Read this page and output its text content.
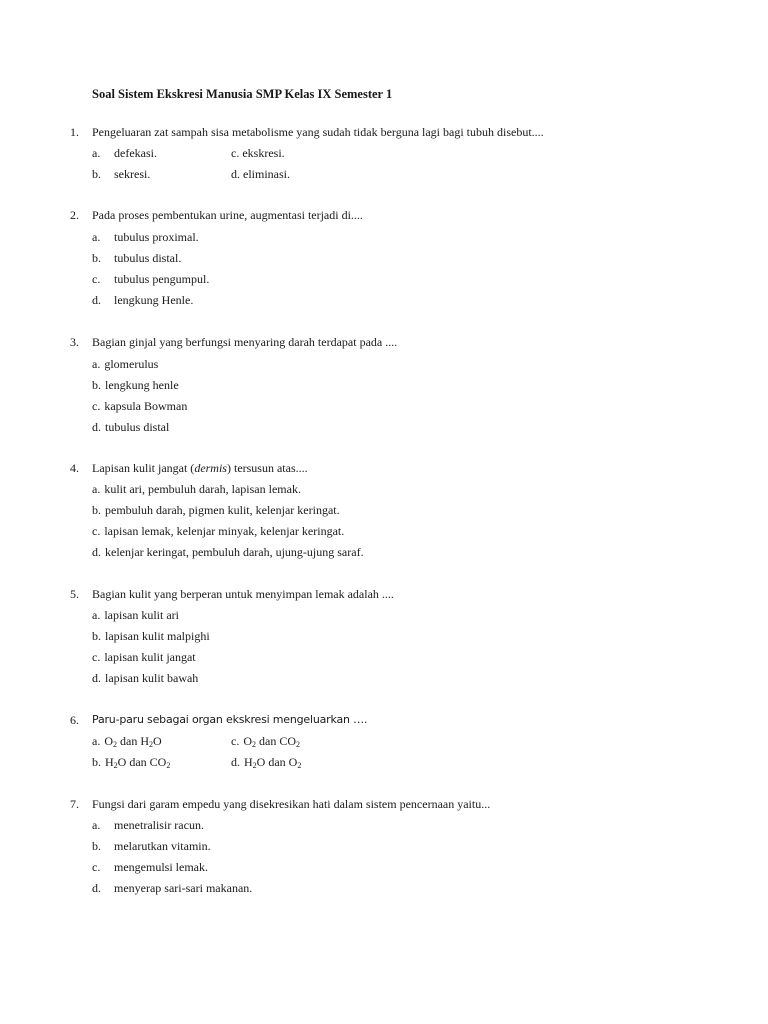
Soal Sistem Ekskresi Manusia SMP Kelas IX Semester 1
1. Pengeluaran zat sampah sisa metabolisme yang sudah tidak berguna lagi bagi tubuh disebut....
a. defekasi.	c. ekskresi.
b. sekresi.	d. eliminasi.
2. Pada proses pembentukan urine, augmentasi terjadi di....
a. tubulus proximal.
b. tubulus distal.
c. tubulus pengumpul.
d. lengkung Henle.
3. Bagian ginjal yang berfungsi menyaring darah terdapat pada ....
a. glomerulus
b. lengkung henle
c. kapsula Bowman
d. tubulus distal
4. Lapisan kulit jangat (dermis) tersusun atas....
a. kulit ari, pembuluh darah, lapisan lemak.
b. pembuluh darah, pigmen kulit, kelenjar keringat.
c. lapisan lemak, kelenjar minyak, kelenjar keringat.
d. kelenjar keringat, pembuluh darah, ujung-ujung saraf.
5. Bagian kulit yang berperan untuk menyimpan lemak adalah ....
a. lapisan kulit ari
b. lapisan kulit malpighi
c. lapisan kulit jangat
d. lapisan kulit bawah
6. Paru-paru sebagai organ ekskresi mengeluarkan ….
a. $O_2$ dan $H_2O$	c. $O_2$ dan $CO_2$
b. $H_2O$ dan $CO_2$	d. $H_2O$ dan $O_2$
7. Fungsi dari garam empedu yang disekresikan hati dalam sistem pencernaan yaitu...
a. menetralisir racun.
b. melarutkan vitamin.
c. mengemulsi lemak.
d. menyerap sari-sari makanan.
